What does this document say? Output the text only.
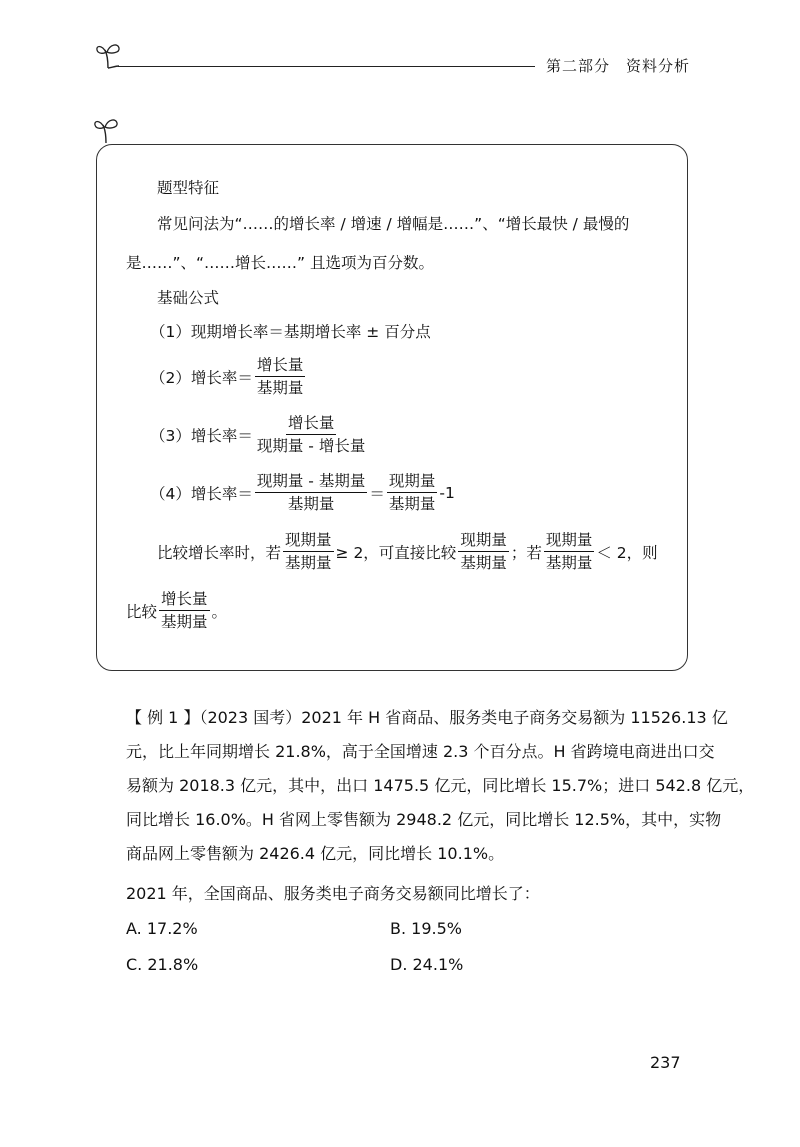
第二部分　资料分析
题型特征
常见问法为“……的增长率 / 增速 / 增幅是……”、“增长最快 / 最慢的
是……”、“……增长……” 且选项为百分数。
基础公式
（1）现期增长率＝基期增长率 ± 百分点
（2）增长率＝ $\frac{\text{增长量}}{\text{基期量}}$
（3）增长率＝ $\frac{\text{增长量}}{\text{现期量 - 增长量}}$
（4）增长率＝ $\frac{\text{现期量 - 基期量}}{\text{基期量}} = \frac{\text{现期量}}{\text{基期量}} -1$
比较增长率时，若 $\frac{\text{现期量}}{\text{基期量}} \ge 2$，可直接比较 $\frac{\text{现期量}}{\text{基期量}}$ ；若 $\frac{\text{现期量}}{\text{基期量}} < 2$，则
比较 $\frac{\text{增长量}}{\text{基期量}}$ 。
【 例 1 】（2023 国考）2021 年 H 省商品、服务类电子商务交易额为 11526.13 亿
元，比上年同期增长 21.8%，高于全国增速 2.3 个百分点。H 省跨境电商进出口交
易额为 2018.3 亿元，其中，出口 1475.5 亿元，同比增长 15.7%；进口 542.8 亿元，
同比增长 16.0%。H 省网上零售额为 2948.2 亿元，同比增长 12.5%，其中，实物
商品网上零售额为 2426.4 亿元，同比增长 10.1%。
2021 年，全国商品、服务类电子商务交易额同比增长了：
A. 17.2%	B. 19.5%
C. 21.8%	D. 24.1%
237
